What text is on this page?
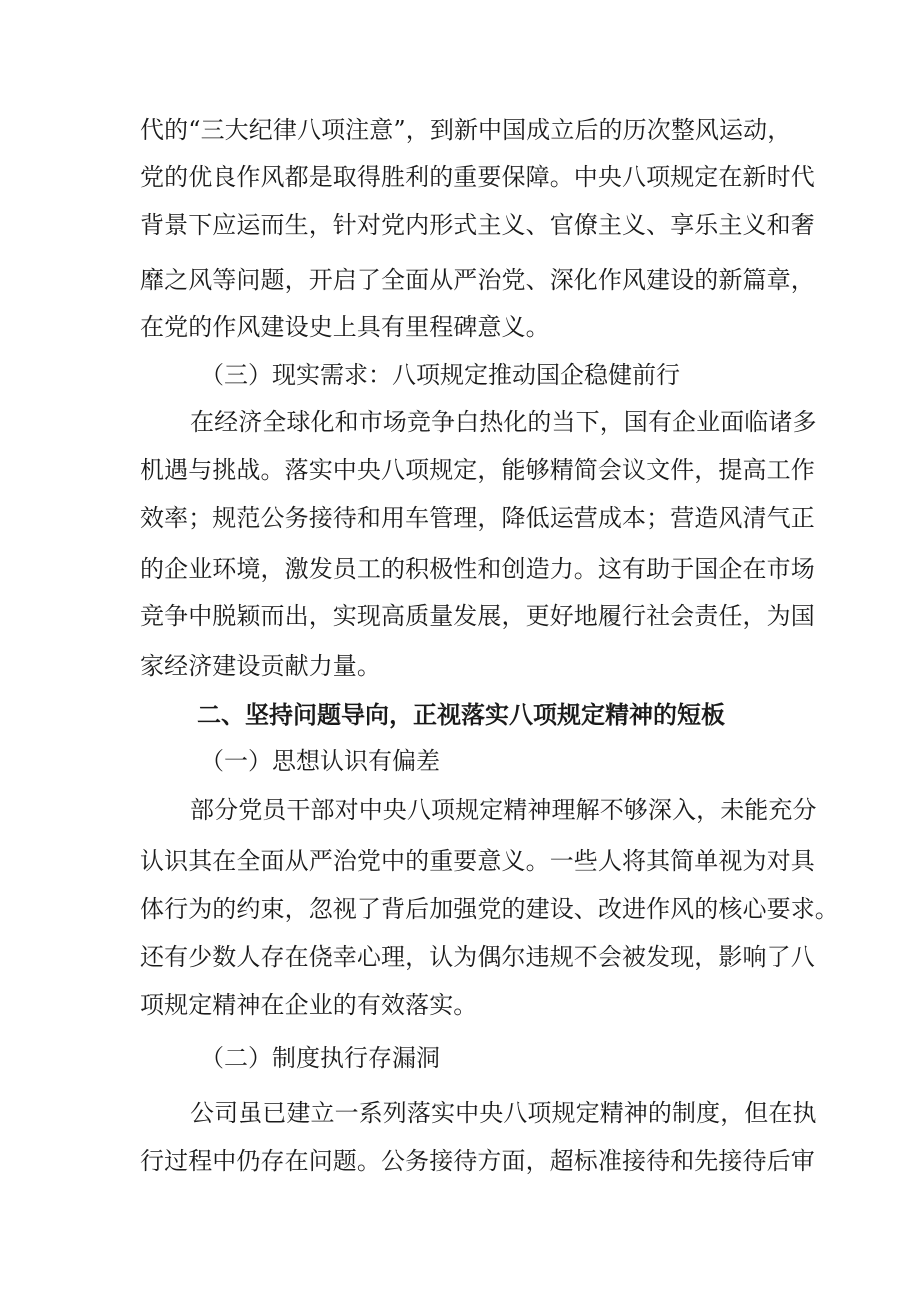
代的“三大纪律八项注意”，到新中国成立后的历次整风运动，
党的优良作风都是取得胜利的重要保障。中央八项规定在新时代
背景下应运而生，针对党内形式主义、官僚主义、享乐主义和奢
靡之风等问题，开启了全面从严治党、深化作风建设的新篇章，
在党的作风建设史上具有里程碑意义。
（三）现实需求：八项规定推动国企稳健前行
在经济全球化和市场竞争白热化的当下，国有企业面临诸多
机遇与挑战。落实中央八项规定，能够精简会议文件，提高工作
效率；规范公务接待和用车管理，降低运营成本；营造风清气正
的企业环境，激发员工的积极性和创造力。这有助于国企在市场
竞争中脱颖而出，实现高质量发展，更好地履行社会责任，为国
家经济建设贡献力量。
二、坚持问题导向，正视落实八项规定精神的短板
（一）思想认识有偏差
部分党员干部对中央八项规定精神理解不够深入，未能充分
认识其在全面从严治党中的重要意义。一些人将其简单视为对具
体行为的约束，忽视了背后加强党的建设、改进作风的核心要求。
还有少数人存在侥幸心理，认为偶尔违规不会被发现，影响了八
项规定精神在企业的有效落实。
（二）制度执行存漏洞
公司虽已建立一系列落实中央八项规定精神的制度，但在执
行过程中仍存在问题。公务接待方面，超标准接待和先接待后审
